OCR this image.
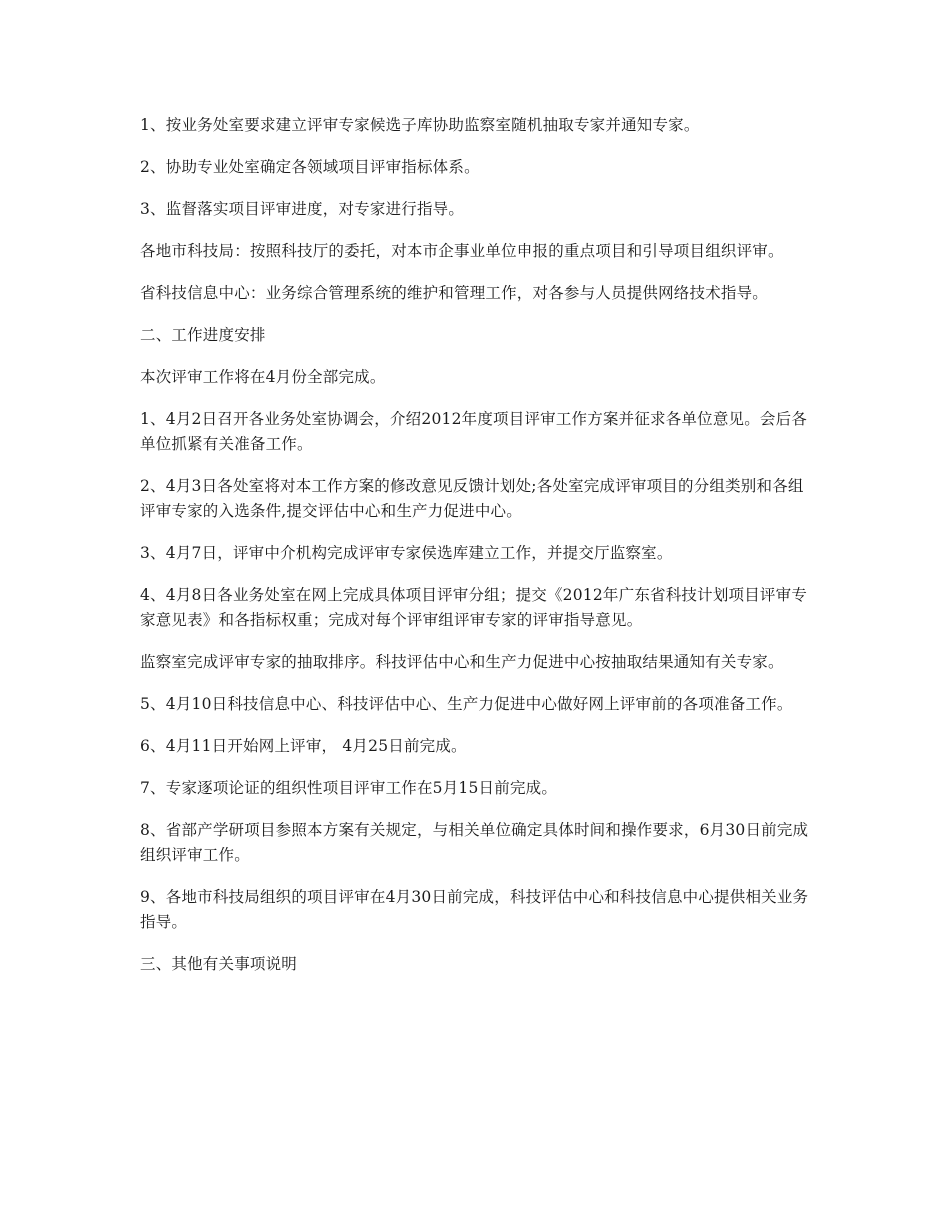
1、按业务处室要求建立评审专家候选子库协助监察室随机抽取专家并通知专家。

2、协助专业处室确定各领域项目评审指标体系。

3、监督落实项目评审进度，对专家进行指导。

各地市科技局：按照科技厅的委托，对本市企事业单位申报的重点项目和引导项目组织评审。

省科技信息中心：业务综合管理系统的维护和管理工作，对各参与人员提供网络技术指导。

二、工作进度安排

本次评审工作将在4月份全部完成。

1、4月2日召开各业务处室协调会，介绍2012年度项目评审工作方案并征求各单位意见。会后各单位抓紧有关准备工作。

2、4月3日各处室将对本工作方案的修改意见反馈计划处;各处室完成评审项目的分组类别和各组评审专家的入选条件,提交评估中心和生产力促进中心。

3、4月7日，评审中介机构完成评审专家侯选库建立工作，并提交厅监察室。

4、4月8日各业务处室在网上完成具体项目评审分组；提交《2012年广东省科技计划项目评审专家意见表》和各指标权重；完成对每个评审组评审专家的评审指导意见。

监察室完成评审专家的抽取排序。科技评估中心和生产力促进中心按抽取结果通知有关专家。

5、4月10日科技信息中心、科技评估中心、生产力促进中心做好网上评审前的各项准备工作。

6、4月11日开始网上评审， 4月25日前完成。

7、专家逐项论证的组织性项目评审工作在5月15日前完成。

8、省部产学研项目参照本方案有关规定，与相关单位确定具体时间和操作要求，6月30日前完成组织评审工作。

9、各地市科技局组织的项目评审在4月30日前完成，科技评估中心和科技信息中心提供相关业务指导。

三、其他有关事项说明
